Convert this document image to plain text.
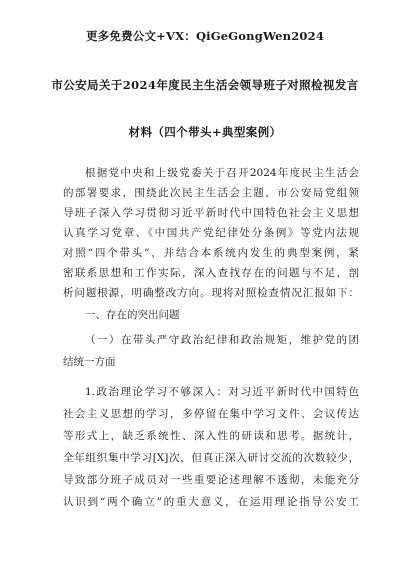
更多免费公文+VX：QiGeGongWen2024
市公安局关于2024年度民主生活会领导班子对照检视发言
材料（四个带头+典型案例）
根据党中央和上级党委关于召开2024年度民主生活会
的部署要求，围绕此次民主生活会主题，市公安局党组领
导班子深入学习贯彻习近平新时代中国特色社会主义思想
认真学习党章、《中国共产党纪律处分条例》等党内法规
对照“四个带头”，并结合本系统内发生的典型案例，紧
密联系思想和工作实际，深入查找存在的问题与不足，剖
析问题根源，明确整改方向。现将对照检查情况汇报如下：
一、存在的突出问题
（一）在带头严守政治纪律和政治规矩，维护党的团
结统一方面
1.政治理论学习不够深入：对习近平新时代中国特色
社会主义思想的学习，多停留在集中学习文件、会议传达
等形式上，缺乏系统性、深入性的研读和思考。据统计，
全年组织集中学习[X]次，但真正深入研讨交流的次数较少，
导致部分班子成员对一些重要论述理解不透彻，未能充分
认识到“两个确立”的重大意义，在运用理论指导公安工
